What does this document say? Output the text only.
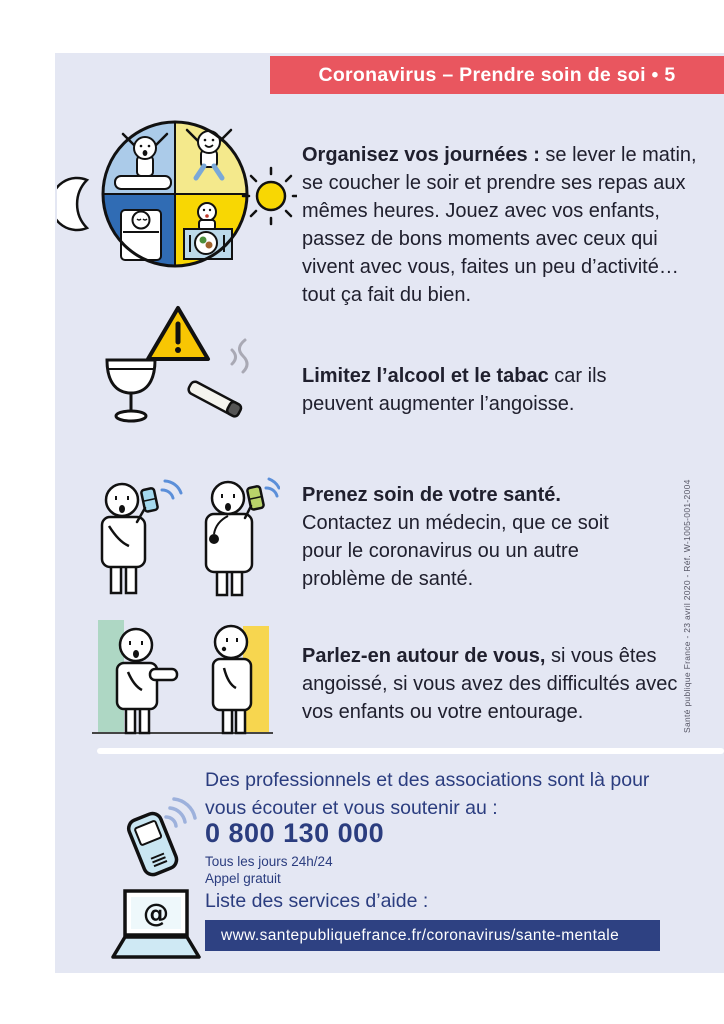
Coronavirus – Prendre soin de soi • 5

Organisez vos journées : se lever le matin, se coucher le soir et prendre ses repas aux mêmes heures. Jouez avec vos enfants, passez de bons moments avec ceux qui vivent avec vous, faites un peu d’activité… tout ça fait du bien.

Limitez l’alcool et le tabac car ils peuvent augmenter l’angoisse.

Prenez soin de votre santé. Contactez un médecin, que ce soit pour le coronavirus ou un autre problème de santé.

Parlez-en autour de vous, si vous êtes angoissé, si vous avez des difficultés avec vos enfants ou votre entourage.

Des professionnels et des associations sont là pour vous écouter et vous soutenir au :
0 800 130 000
Tous les jours 24h/24
Appel gratuit
@ Liste des services d’aide :
www.santepubliquefrance.fr/coronavirus/sante-mentale
Santé publique France - 23 avril 2020 - Réf. W-1005-001-2004
